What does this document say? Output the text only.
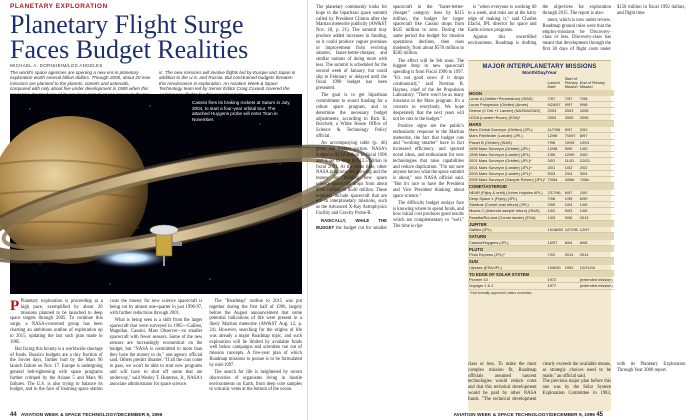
PLANETARY EXPLORATION
Planetary Flight Surge Faces Budget Realities
MICHAEL A. DORNHEIM/LOS ANGELES

The world's space agencies are opening a new era in planetary exploration worth several billion dollars. Through 2005, about 20 new missions are planned to the planets, comets and asteroids, compared with only about five under development in 1985 when this

ic. The new missions will involve flights led by Europe and Japan in addition to the U.S. and Russia. But constrained budgets threaten this renaissance in exploration. An Aviation Week & Space Technology team led by Senior Editor Craig Covault covered the

Cassini fires its braking rockets at Saturn in July, 2004, to start a four-year orbital tour. The attached Huygens probe will enter Titan in November.

P Planetary exploration is proceeding at a high pace, exemplified by about 20 missions planned to be launched to deep space targets through 2005. To continue this surge, a NASA-convened group has been charting an ambitious outline of exploration up to 2015, updating the last such plan made in 1985.

But facing this bounty is a worldwide shortage of funds. Russia's budgets are a tiny fraction of the Soviet days, further hurt by the Mars 96 launch failure on Nov. 17. Europe is undergoing general belt-tightening with space programs further crimped by the Ariane 5 and Mars 96 failures. The U.S. is also trying to balance its budget, and in the face of looming space station costs the money for new science spacecraft is being cut by almost one-quarter in just 1996-97, with further reductions through 2001.

What is being seen is a shift from the larger spacecraft that were surveyed in 1985—Galileo, Magellan, Cassini, Mars Observer—to smaller spacecraft with fewer sensors. Some of the new sensors are increasingly economical on the budget, but "NASA is committed to more than they have the money to do," one agency official said. Others predict disaster. "If all the cuts come to pass, we won't be able to start new programs and will have to shut off some that are underway," said Wesley T. Huntress, Jr., NASA's associate administrator for space science.

The "Roadmap" outline to 2015 was put together during the first half of 1996, largely before the August announcement that some potential indications of life were present in a likely Martian meteorite (AW&ST Aug. 12, p. 24). However, searching for the origins of life was already a major Roadmap topic, and such exploration will be limited by available funds well below campaigns and scientists run out of mission concepts. A five-year plan of which Roadmap missions to pursue is to be formulated by mid-1997.

The search for life is heightened by recent discoveries of organisms living in hostile environments on Earth, from deep core samples to volcanic vents at the bottom of the ocean.

44 AVIATION WEEK & SPACE TECHNOLOGY/DECEMBER 9, 1996

The planetary community looks for hope in the bipartisan space summit called by President Clinton after the Martian meteorite publicity (AW&ST Nov. 18, p. 21). The summit may produce added increases in funding, so it could produce vaguer promises or improvement from evolving smarter, faster-better-cheaper, and similar notions of doing more with less. The summit is scheduled for the second week of January, but could slip to February or delayed until the fiscal 1998 budget has been presented.

The goal is to get bipartisan commitment to sound funding for a robust space program, and to determine the necessary budget adjustments, according to Rick K. Borchelt, a White House Office of Science & Technology Policy official.

An accompanying table (p. 46) gives the budget picture. NASA's budget is $13.8 billion in fiscal 1996 and is set to drop to $12.5 billion in fiscal 2001. At the same time, other NASA programs are growing and the money for building new space science spacecraft drops from about $860 million to $540 million. These numbers include spacecraft that are not in interplanetary missions, such as the Advanced X-Ray Astrophysics Facility and Gravity Probe-B.

RADICALLY, WHILE THE BUDGET the budget cut for smaller spacecraft in the "faster-better-cheaper" category rises by $115 million, the budget for larger spacecraft like Cassini drops from $435 million to zero. During the same period the budget for mission operations declines, then rises modestly, from about $570 million to $585 million.

The effect will be felt soon. The biggest drop in new spacecraft spending is from Fiscal 1996 to 1997. "It's not good news if it drops continuously," said Norman R. Haynes, chief of the Jet Propulsion Laboratory. "There won't be as many missions to the Mars program. It's a concern to everybody. We hope desperately that the next years will not be cuts to the budget."

Positive signs are the public's enthusiastic response to the Martian meteorite, the fact that budget cuts and "working smarter" have in fact increased efficiency, and spurred novel ideas, and enthusiasm for new technologies that raise capabilities and reduce duplication. "I'm not sure anyone knows what the space summit is about," one NASA official said. "But it's nice to have the President and Vice President thinking about space science."

The difficulty budget outlays face is knowing where to spend funds, and how initial cost produces good results which are complementary to "well." The time is ripe

is "when everyone is working 60 to a week, and risks are at the hairy edge of making it," said Charles Elachi, JPL director for space and Earth science programs.

Against this uncertified environment, Roadmap is drafting the objectives for exploration through 2015. The report is also-

ment, which is now under review. Roadmap ground rules were that the employ-missions be Discovery-class or less. Discovery-class has meant that development through the first 30 days of flight costs under $150 million in fiscal 1992 dollars, and flight time

MAJOR INTERPLANETARY MISSIONS
Month/Day/Year
	Launch Date	Start of Primary Mission	End of Primary Mission
MOON			
Lunar A (Orbiter+Penetrators) (ISAS)	7/97	7/97	7/98
Lunar Prospector (Orbiter) (Ames)	9/24/97	9/97	9/98
Selene (2 Orb.+1 Lander) (NASDA/ISAS)	2003	2003	2005
LEDA (Lander+Rover) (ESA)*	2003	2005	2006
MARS			
Mars Global Surveyor (Orbiter) (JPL)	11/7/96	9/97	2/00
Mars Pathfinder (Lander) (JPL)	12/96	7/4/97	8/97
Planet B (Orbiter) (ISAS)	7/98	10/99	10/01
1998 Mars Surveyor (Orbiter) (JPL)	12/98	9/99	1/00
1998 Mars Surveyor (Lander) (JPL)	1/99	12/99	2/00
2001 Mars Surveyor (Orbiter) (JPL)*	3/01	11/01	12/03
2001 Mars Surveyor (Lander) (JPL)*	3/01	1/02	2/02
2003 Mars Surveyor (Lander) (JPL)*	5/03	2/04	3/04
2005 Mars Surveyor (Sample Return) (JPL)*	7/05a	4/06b	7/08c
COMET/ASTEROID			
NEAR (Flyby & orbit) (Johns Hopkins APL)	2/17/96	6/97	2/00
Deep Space 1 (Flyby) (JPL)	7/98	1/99	6/99
Stardust (Comet dust return) (JPL)	2/99	1/04	1/06
Muses C (Asteroid sample return) (ISAS)	1/02	9/03	1/06
Rosetta/RoLand (Comet lander) (ESA)	1/03	9/06	2013
JUPITER			
Galileo (JPL)	10/18/89	12/7/95	12/97
SATURN			
Cassini/Huygens (JPL)	10/97	6/04	6/08
PLUTO			
Pluto Express (JPL)*	7/02	2014	2014
SUN			
Ulysses (ESA/JPL)	10/6/90	1992	12/21/04
TO EDGE OF SOLAR SYSTEM			
Pioneer 10	1972		(extended mission)
Voyager 1 & 2	1977		(extended mission)
*Not formally approved; dates uncertain.

class or less. To make the most complex mission fit, Roadmap officials assumed nascent technologies would reduce costs and that this technical development would be paid by other NASA funds. "The technical development clearly exceeds the available means, as strategic choices need to be made," an official said.

The previous major plan before this one was by the Solar System Exploration Committee in 1983, with its Planetary Exploration Through Year 2000 report.

AVIATION WEEK & SPACE TECHNOLOGY/DECEMBER 9, 1996 45
